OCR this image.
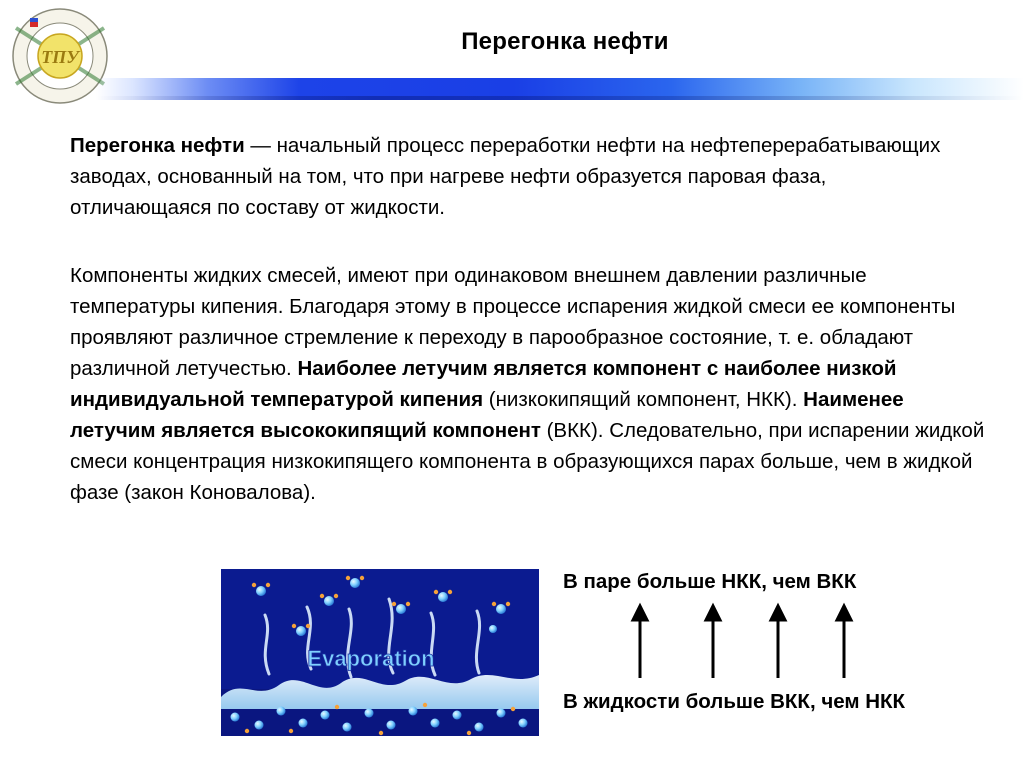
ТПУ
Перегонка нефти
Перегонка нефти — начальный процесс переработки нефти на нефтеперерабатывающих заводах, основанный на том, что при нагреве нефти образуется паровая фаза, отличающаяся по составу от жидкости.
Компоненты жидких смесей, имеют при одинаковом внешнем давлении различные температуры кипения. Благодаря этому в процессе испарения жидкой смеси ее компоненты проявляют различное стремление к переходу в парообразное состояние, т. е. обладают различной летучестью. Наиболее летучим является компонент с наиболее низкой индивидуальной температурой кипения (низкокипящий компонент, НКК). Наименее летучим является высококипящий компонент (ВКК). Следовательно, при испарении жидкой смеси концентрация низкокипящего компонента в образующихся парах больше, чем в жидкой фазе (закон Коновалова).
Evaporation
В паре больше НКК, чем ВКК
В жидкости больше ВКК, чем НКК
